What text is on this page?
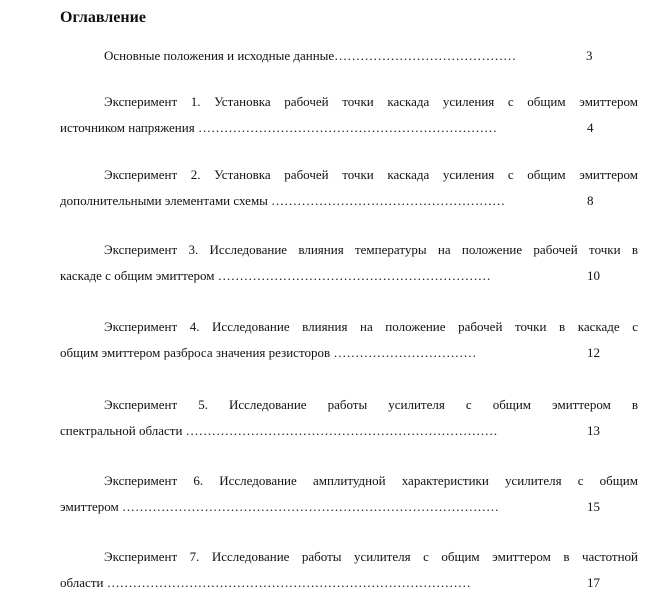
Оглавление
Основные положения и исходные данные……………………………………	3
Эксперимент 1. Установка рабочей точки каскада усиления с общим эмиттером
источником напряжения ……………………………………………………………	4
Эксперимент 2. Установка рабочей точки каскада усиления с общим эмиттером
дополнительными элементами схемы ………………………………………………	8
Эксперимент 3. Исследование влияния температуры на положение рабочей точки в
каскаде с общим эмиттером ………………………………………………………	10
Эксперимент 4. Исследование влияния на положение рабочей точки в каскаде с
общим эмиттером разброса значения резисторов ……………………………	12
Эксперимент 5. Исследование работы усилителя с общим эмиттером в
спектральной области ………………………………………………………………	13
Эксперимент 6. Исследование амплитудной характеристики усилителя с общим
эмиттером ……………………………………………………………………………	15
Эксперимент 7. Исследование работы усилителя с общим эмиттером в частотной
области …………………………………………………………………………	17
